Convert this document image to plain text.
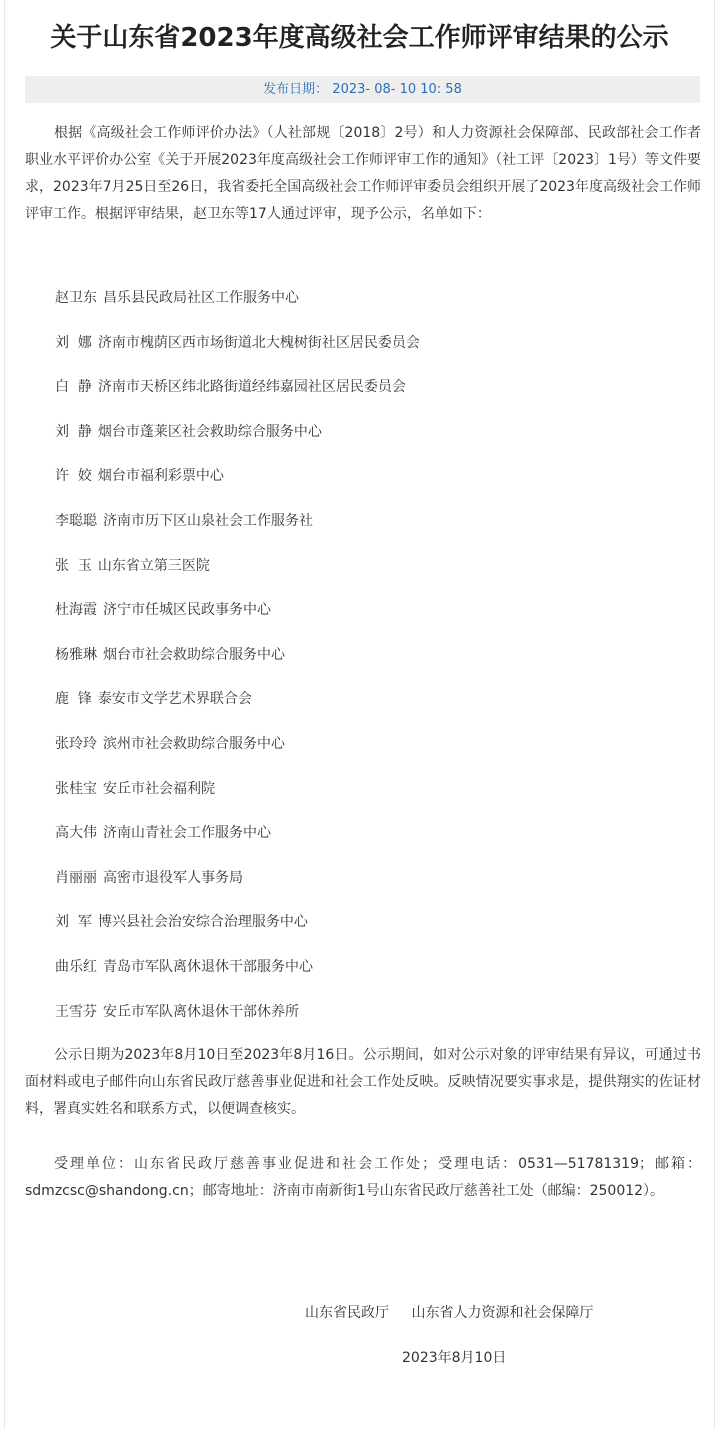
关于山东省2023年度高级社会工作师评审结果的公示
发布日期： 2023- 08- 10 10: 58
根据《高级社会工作师评价办法》（人社部规〔2018〕2号）和人力资源社会保障部、民政部社会工作者职业水平评价办公室《关于开展2023年度高级社会工作师评审工作的通知》（社工评〔2023〕1号）等文件要求，2023年7月25日至26日，我省委托全国高级社会工作师评审委员会组织开展了2023年度高级社会工作师评审工作。根据评审结果，赵卫东等17人通过评审，现予公示，名单如下：
赵卫东 昌乐县民政局社区工作服务中心
刘  娜 济南市槐荫区西市场街道北大槐树街社区居民委员会
白  静 济南市天桥区纬北路街道经纬嘉园社区居民委员会
刘  静 烟台市蓬莱区社会救助综合服务中心
许  姣 烟台市福利彩票中心
李聪聪 济南市历下区山泉社会工作服务社
张  玉 山东省立第三医院
杜海霞 济宁市任城区民政事务中心
杨雅琳 烟台市社会救助综合服务中心
鹿  锋 泰安市文学艺术界联合会
张玲玲 滨州市社会救助综合服务中心
张桂宝 安丘市社会福利院
高大伟 济南山青社会工作服务中心
肖丽丽 高密市退役军人事务局
刘  军 博兴县社会治安综合治理服务中心
曲乐红 青岛市军队离休退休干部服务中心
王雪芬 安丘市军队离休退休干部休养所
公示日期为2023年8月10日至2023年8月16日。公示期间，如对公示对象的评审结果有异议，可通过书面材料或电子邮件向山东省民政厅慈善事业促进和社会工作处反映。反映情况要实事求是，提供翔实的佐证材料，署真实姓名和联系方式，以便调查核实。
受理单位：山东省民政厅慈善事业促进和社会工作处；受理电话：0531—51781319；邮箱：sdmzcsc@shandong.cn；邮寄地址：济南市南新街1号山东省民政厅慈善社工处（邮编：250012）。
山东省民政厅 山东省人力资源和社会保障厅
2023年8月10日
